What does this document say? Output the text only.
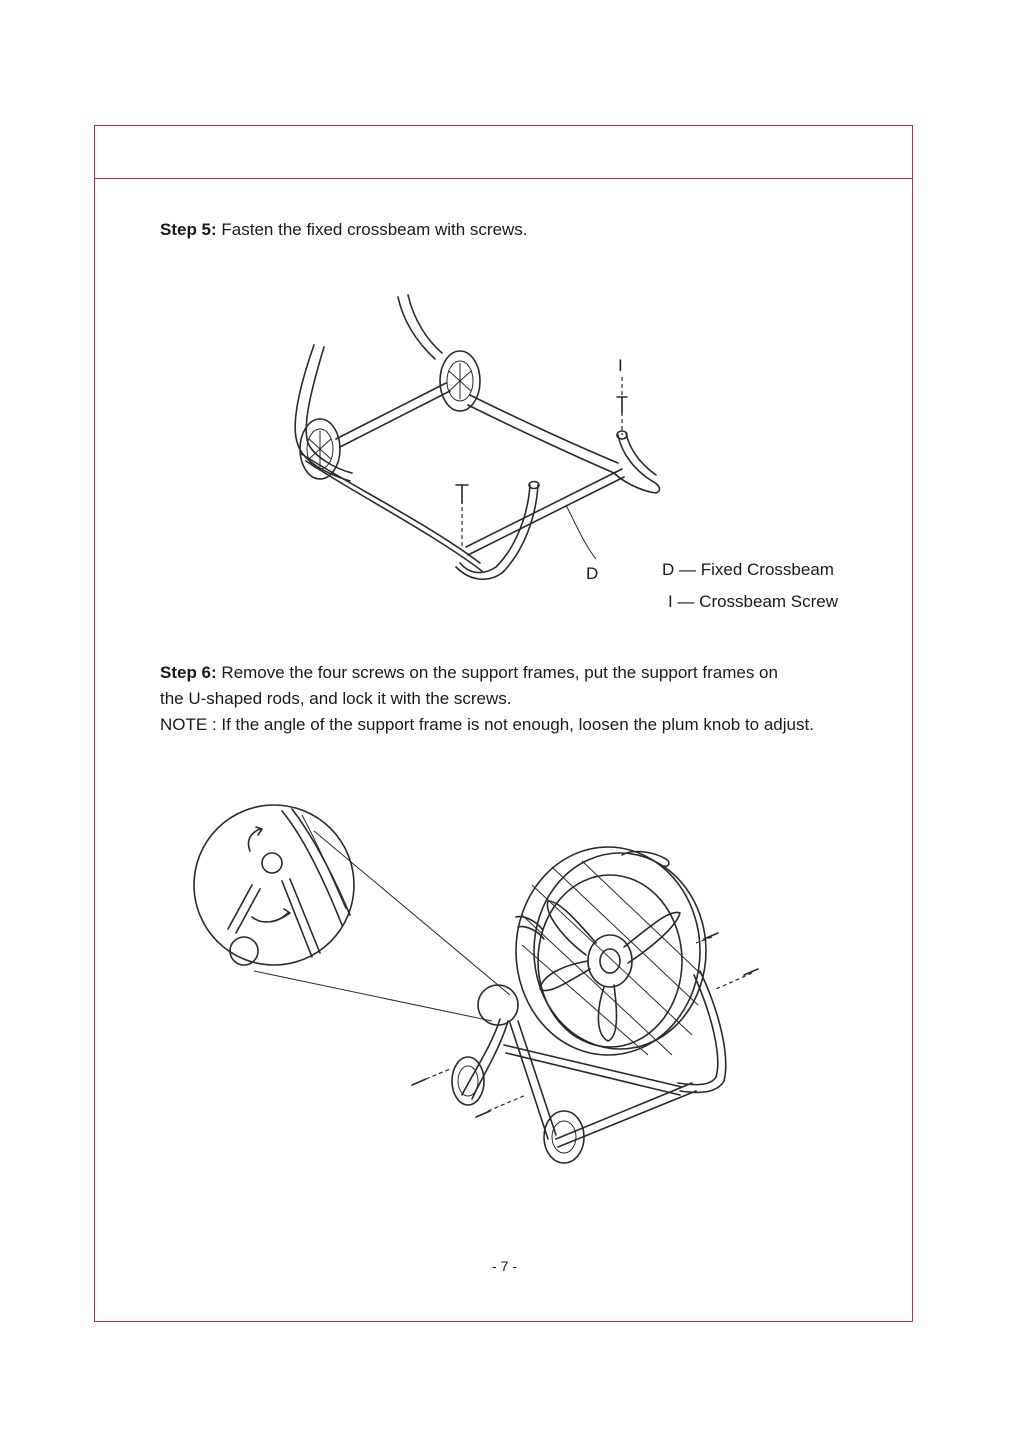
Step 5: Fasten the fixed crossbeam with screws.
I
D	D — Fixed Crossbeam
I — Crossbeam Screw
Step 6: Remove the four screws on the support frames, put the support frames on
the U-shaped rods, and lock it with the screws.
NOTE : If the angle of the support frame is not enough, loosen the plum knob to adjust.
- 7 -
